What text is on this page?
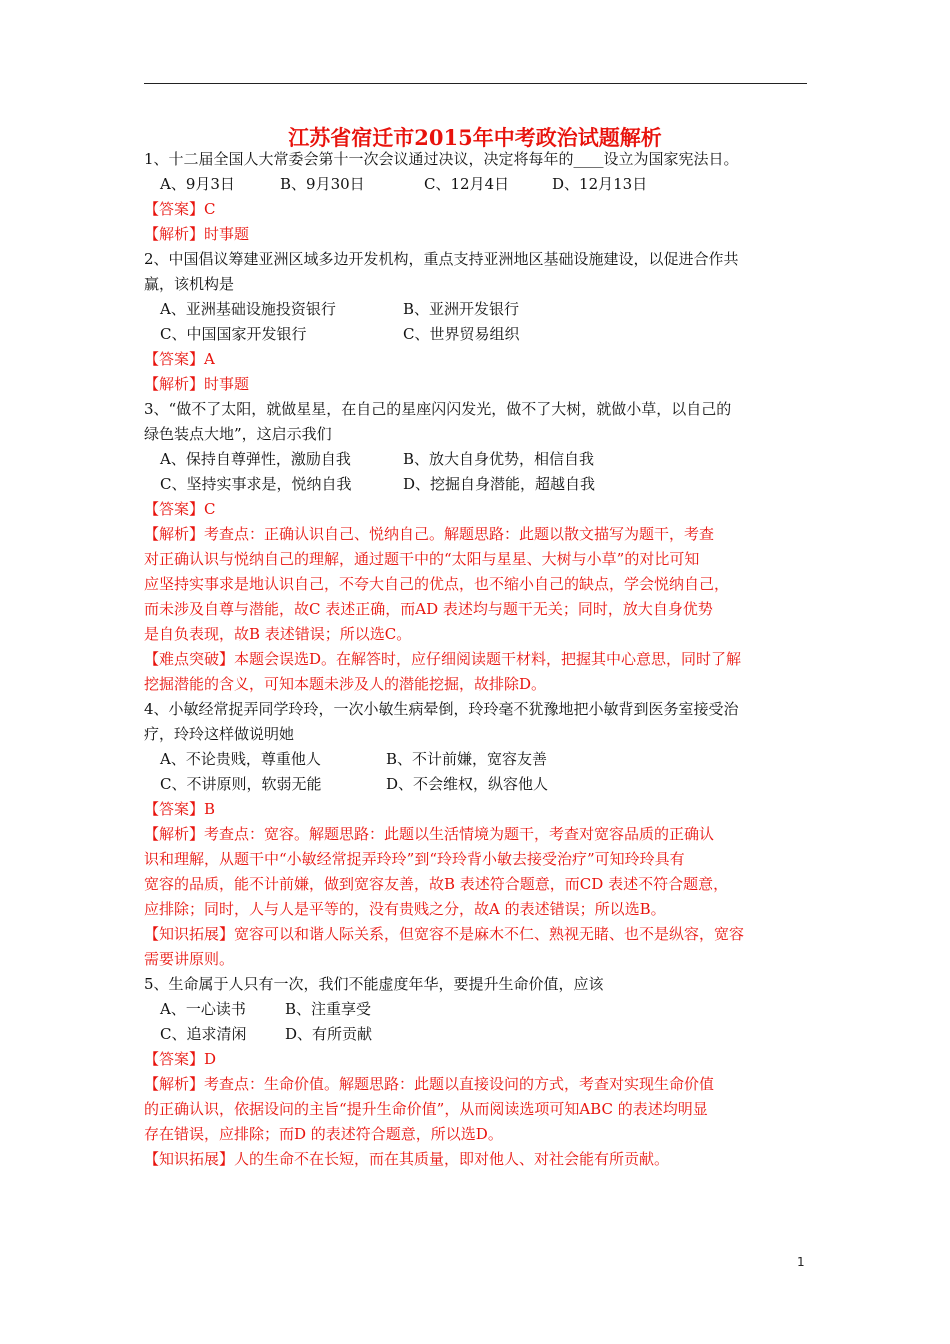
江苏省宿迁市2015年中考政治试题解析
1、十二届全国人大常委会第十一次会议通过决议，决定将每年的____设立为国家宪法日。
A、9月3日	B、9月30日	C、12月4日	D、12月13日
【答案】C
【解析】时事题
2、中国倡议筹建亚洲区域多边开发机构，重点支持亚洲地区基础设施建设，以促进合作共
赢，该机构是
A、亚洲基础设施投资银行	B、亚洲开发银行
C、中国国家开发银行	C、世界贸易组织
【答案】A
【解析】时事题
3、“做不了太阳，就做星星，在自己的星座闪闪发光，做不了大树，就做小草，以自己的
绿色装点大地”，这启示我们
A、保持自尊弹性，激励自我	B、放大自身优势，相信自我
C、坚持实事求是，悦纳自我	D、挖掘自身潜能，超越自我
【答案】C
【解析】考查点：正确认识自己、悦纳自己。解题思路：此题以散文描写为题干，考查
对正确认识与悦纳自己的理解，通过题干中的“太阳与星星、大树与小草”的对比可知
应坚持实事求是地认识自己，不夸大自己的优点，也不缩小自己的缺点，学会悦纳自己，
而未涉及自尊与潜能，故C 表述正确，而AD 表述均与题干无关；同时，放大自身优势
是自负表现，故B 表述错误；所以选C。
【难点突破】本题会误选D。在解答时，应仔细阅读题干材料，把握其中心意思，同时了解
挖掘潜能的含义，可知本题未涉及人的潜能挖掘，故排除D。
4、小敏经常捉弄同学玲玲，一次小敏生病晕倒，玲玲毫不犹豫地把小敏背到医务室接受治
疗，玲玲这样做说明她
A、不论贵贱，尊重他人	B、不计前嫌，宽容友善
C、不讲原则，软弱无能	D、不会维权，纵容他人
【答案】B
【解析】考查点：宽容。解题思路：此题以生活情境为题干，考查对宽容品质的正确认
识和理解，从题干中“小敏经常捉弄玲玲”到“玲玲背小敏去接受治疗”可知玲玲具有
宽容的品质，能不计前嫌，做到宽容友善，故B 表述符合题意，而CD 表述不符合题意，
应排除；同时，人与人是平等的，没有贵贱之分，故A 的表述错误；所以选B。
【知识拓展】宽容可以和谐人际关系，但宽容不是麻木不仁、熟视无睹、也不是纵容，宽容
需要讲原则。
5、生命属于人只有一次，我们不能虚度年华，要提升生命价值，应该
A、一心读书	B、注重享受
C、追求清闲	D、有所贡献
【答案】D
【解析】考查点：生命价值。解题思路：此题以直接设问的方式，考查对实现生命价值
的正确认识，依据设问的主旨“提升生命价值”，从而阅读选项可知ABC 的表述均明显
存在错误，应排除；而D 的表述符合题意，所以选D。
【知识拓展】人的生命不在长短，而在其质量，即对他人、对社会能有所贡献。
1
